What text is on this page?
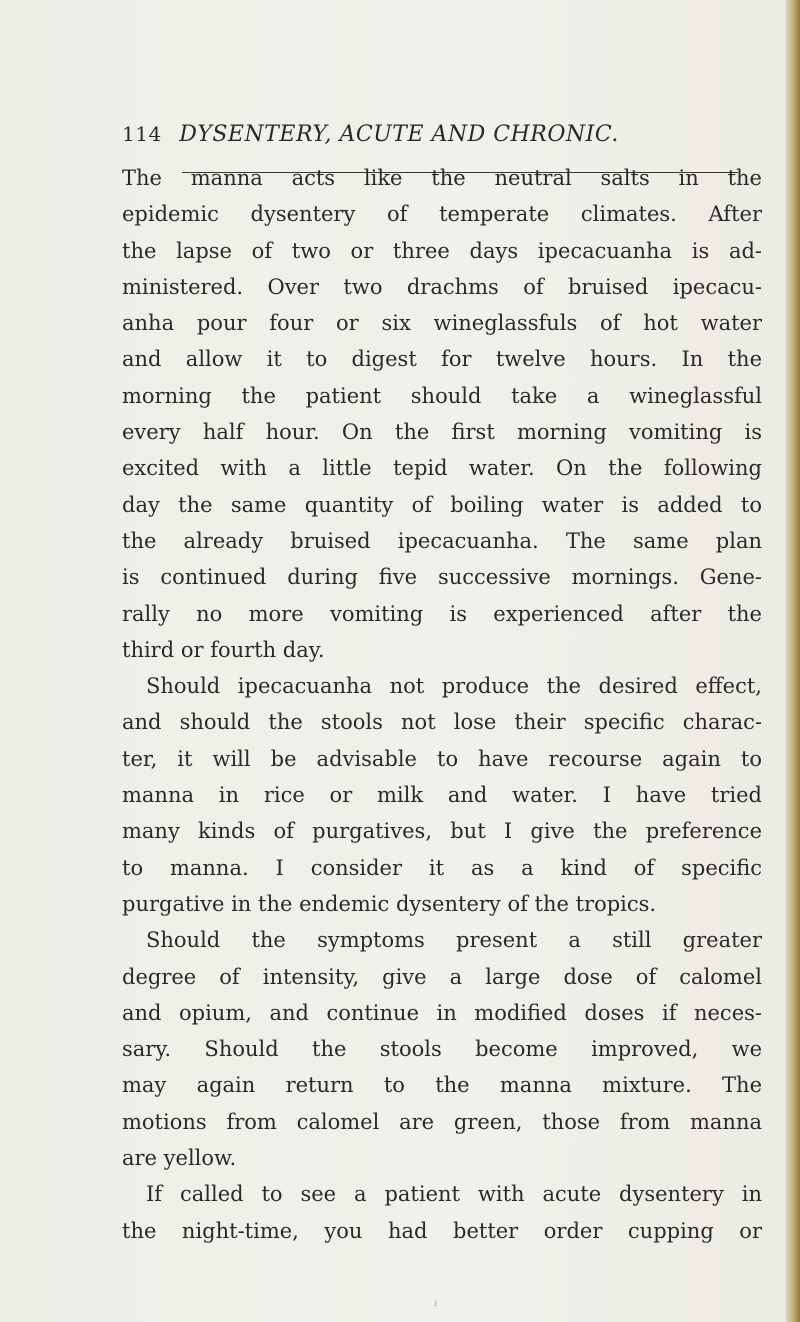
114 DYSENTERY, ACUTE AND CHRONIC.
The manna acts like the neutral salts in the
epidemic dysentery of temperate climates. After
the lapse of two or three days ipecacuanha is ad-
ministered. Over two drachms of bruised ipecacu-
anha pour four or six wineglassfuls of hot water
and allow it to digest for twelve hours. In the
morning the patient should take a wineglassful
every half hour. On the first morning vomiting is
excited with a little tepid water. On the following
day the same quantity of boiling water is added to
the already bruised ipecacuanha. The same plan
is continued during five successive mornings. Gene-
rally no more vomiting is experienced after the
third or fourth day.
Should ipecacuanha not produce the desired effect,
and should the stools not lose their specific charac-
ter, it will be advisable to have recourse again to
manna in rice or milk and water. I have tried
many kinds of purgatives, but I give the preference
to manna. I consider it as a kind of specific
purgative in the endemic dysentery of the tropics.
Should the symptoms present a still greater
degree of intensity, give a large dose of calomel
and opium, and continue in modified doses if neces-
sary. Should the stools become improved, we
may again return to the manna mixture. The
motions from calomel are green, those from manna
are yellow.
If called to see a patient with acute dysentery in
the night-time, you had better order cupping or
ʲ
